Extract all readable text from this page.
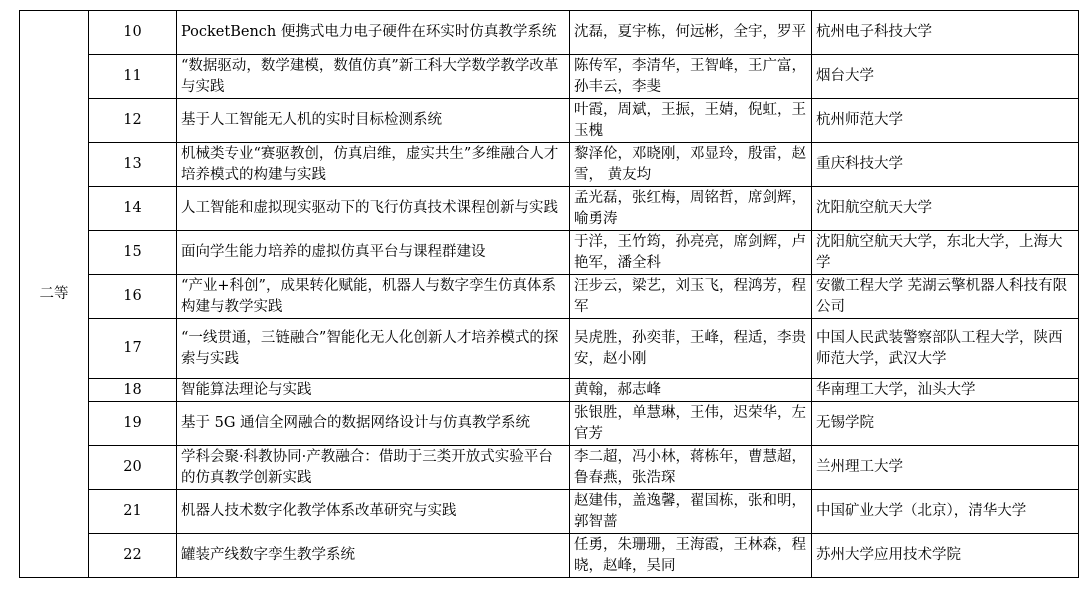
二等	10	PocketBench 便携式电力电子硬件在环实时仿真教学系统	沈磊，夏宇栋，何远彬，全宇，罗平	杭州电子科技大学
	11	“数据驱动，数学建模，数值仿真”新工科大学数学教学改革与实践	陈传军，李清华，王智峰，王广富，孙丰云，李斐	烟台大学
	12	基于人工智能无人机的实时目标检测系统	叶霞，周斌，王振，王婧，倪虹，王玉槐	杭州师范大学
	13	机械类专业“赛驱教创，仿真启维，虚实共生”多维融合人才培养模式的构建与实践	黎泽伦，邓晓刚，邓显玲，殷雷，赵雪， 黄友均	重庆科技大学
	14	人工智能和虚拟现实驱动下的飞行仿真技术课程创新与实践	孟光磊，张红梅，周铭哲，席剑辉，喻勇涛	沈阳航空航天大学
	15	面向学生能力培养的虚拟仿真平台与课程群建设	于洋，王竹筠，孙亮亮，席剑辉，卢艳军，潘全科	沈阳航空航天大学，东北大学，上海大学
	16	“产业+科创”，成果转化赋能，机器人与数字孪生仿真体系构建与教学实践	汪步云，梁艺，刘玉飞，程鸿芳，程军	安徽工程大学 芜湖云擎机器人科技有限公司
	17	“一线贯通，三链融合”智能化无人化创新人才培养模式的探索与实践	吴虎胜，孙奕菲，王峰，程适，李贵安，赵小刚	中国人民武装警察部队工程大学，陕西师范大学，武汉大学
	18	智能算法理论与实践	黄翰，郝志峰	华南理工大学，汕头大学
	19	基于 5G 通信全网融合的数据网络设计与仿真教学系统	张银胜，单慧琳，王伟，迟荣华，左官芳	无锡学院
	20	学科会聚·科教协同·产教融合：借助于三类开放式实验平台的仿真教学创新实践	李二超，冯小林，蒋栋年，曹慧超，鲁春燕，张浩琛	兰州理工大学
	21	机器人技术数字化教学体系改革研究与实践	赵建伟，盖逸馨，翟国栋，张和明，郭智蔷	中国矿业大学（北京），清华大学
	22	罐装产线数字孪生教学系统	任勇，朱珊珊，王海霞，王林森，程晓，赵峰，吴同	苏州大学应用技术学院
